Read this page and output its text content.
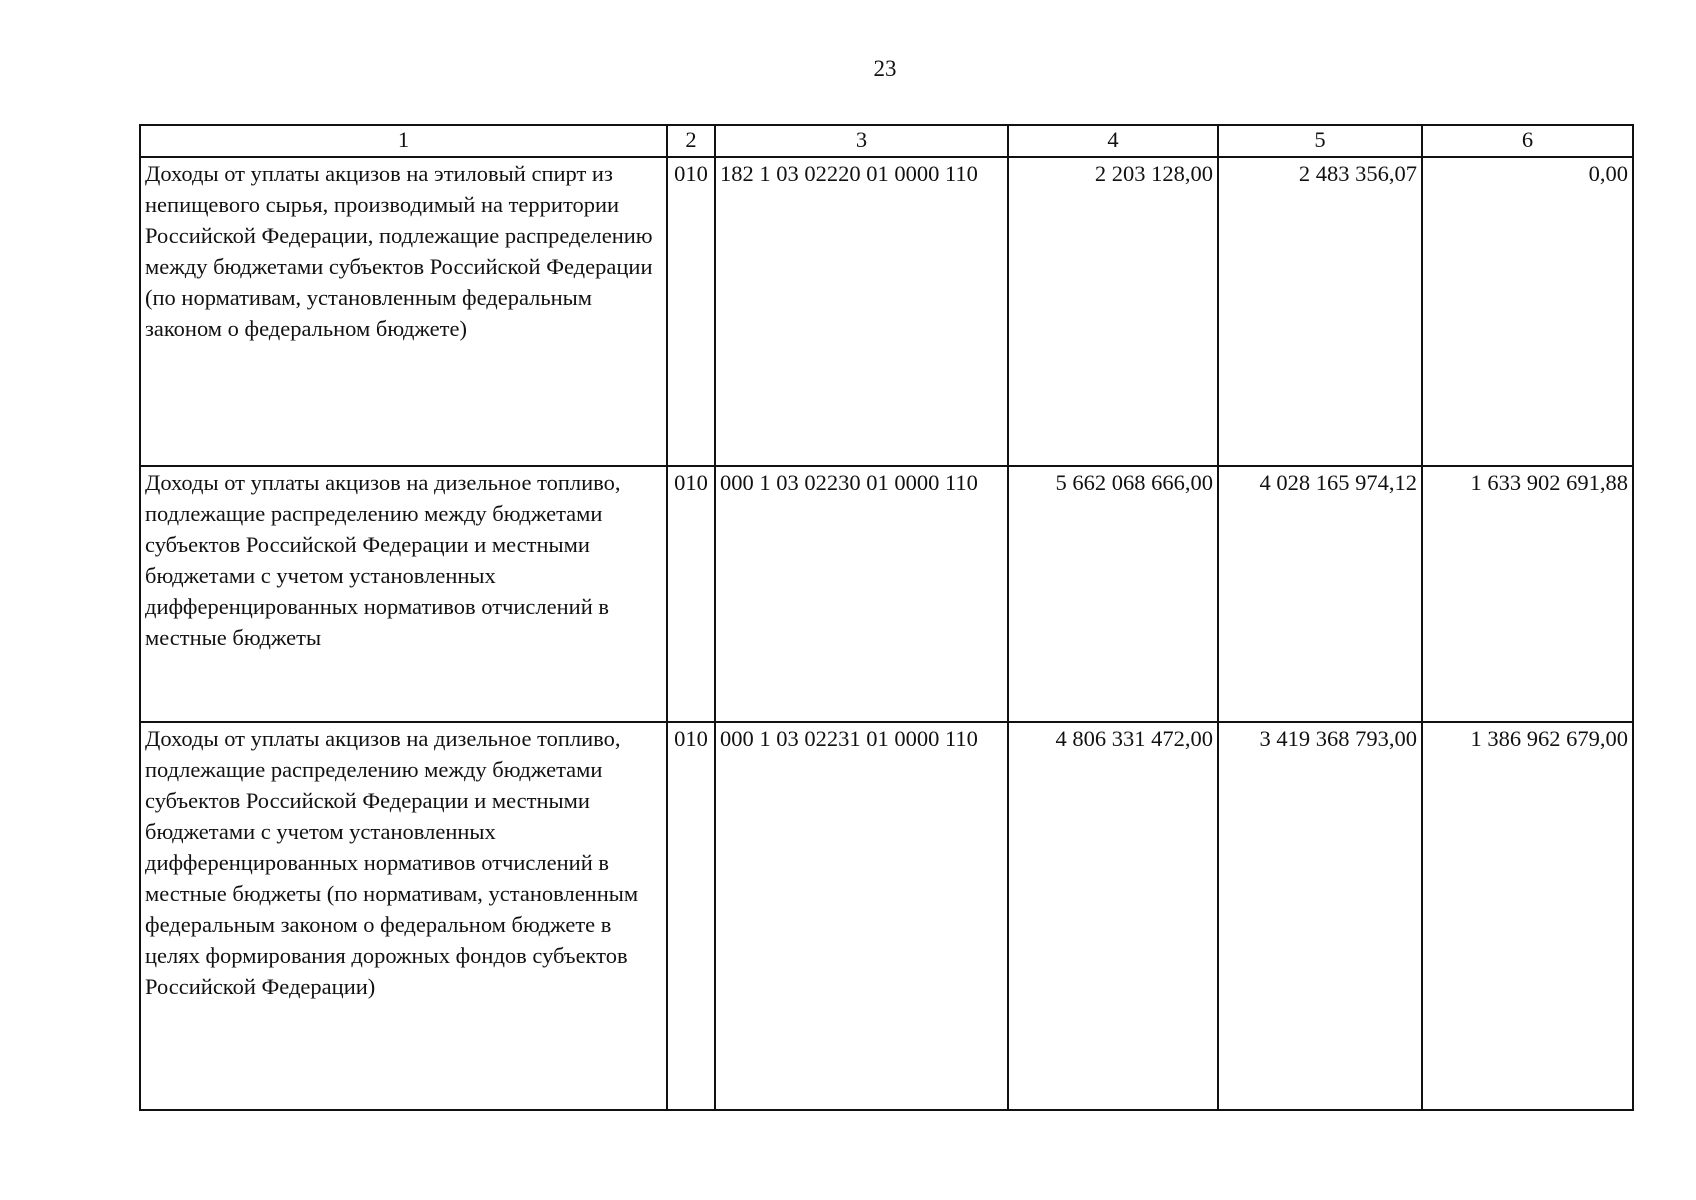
23
1	2	3	4	5	6
Доходы от уплаты акцизов на этиловый спирт из непищевого сырья, производимый на территории Российской Федерации, подлежащие распределению между бюджетами субъектов Российской Федерации (по нормативам, установленным федеральным законом о федеральном бюджете)	010	182 1 03 02220 01 0000 110	2 203 128,00	2 483 356,07	0,00
Доходы от уплаты акцизов на дизельное топливо, подлежащие распределению между бюджетами субъектов Российской Федерации и местными бюджетами с учетом установленных дифференцированных нормативов отчислений в местные бюджеты	010	000 1 03 02230 01 0000 110	5 662 068 666,00	4 028 165 974,12	1 633 902 691,88
Доходы от уплаты акцизов на дизельное топливо, подлежащие распределению между бюджетами субъектов Российской Федерации и местными бюджетами с учетом установленных дифференцированных нормативов отчислений в местные бюджеты (по нормативам, установленным федеральным законом о федеральном бюджете в целях формирования дорожных фондов субъектов Российской Федерации)	010	000 1 03 02231 01 0000 110	4 806 331 472,00	3 419 368 793,00	1 386 962 679,00
